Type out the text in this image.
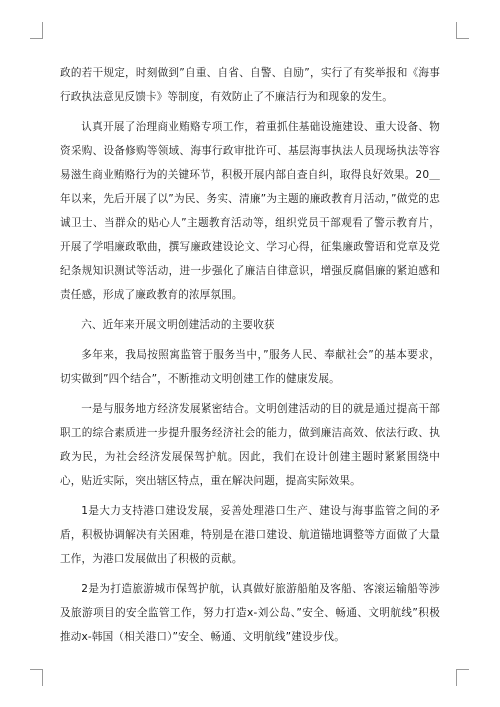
政的若干规定，时刻做到”自重、自省、自警、自励”，实行了有奖举报和《海事行政执法意见反馈卡》等制度，有效防止了不廉洁行为和现象的发生。

认真开展了治理商业贿赂专项工作，着重抓住基础设施建设、重大设备、物资采购、设备修购等领域、海事行政审批许可、基层海事执法人员现场执法等容易滋生商业贿赂行为的关键环节，积极开展内部自查自纠，取得良好效果。20＿年以来，先后开展了以”为民、务实、清廉”为主题的廉政教育月活动，”做党的忠诚卫士、当群众的贴心人”主题教育活动等，组织党员干部观看了警示教育片，开展了学唱廉政歌曲，撰写廉政建设论文、学习心得，征集廉政警语和党章及党纪条规知识测试等活动，进一步强化了廉洁自律意识，增强反腐倡廉的紧迫感和责任感，形成了廉政教育的浓厚氛围。

六、近年来开展文明创建活动的主要收获

多年来，我局按照寓监管于服务当中，”服务人民、奉献社会”的基本要求，切实做到”四个结合”，不断推动文明创建工作的健康发展。

一是与服务地方经济发展紧密结合。文明创建活动的目的就是通过提高干部职工的综合素质进一步提升服务经济社会的能力，做到廉洁高效、依法行政、执政为民，为社会经济发展保驾护航。因此，我们在设计创建主题时紧紧围绕中心，贴近实际，突出辖区特点，重在解决问题，提高实际效果。

1是大力支持港口建设发展，妥善处理港口生产、建设与海事监管之间的矛盾，积极协调解决有关困难，特别是在港口建设、航道锚地调整等方面做了大量工作，为港口发展做出了积极的贡献。

2是为打造旅游城市保驾护航，认真做好旅游船舶及客船、客滚运输船等涉及旅游项目的安全监管工作，努力打造x-刘公岛、”安全、畅通、文明航线”积极推动x-韩国（相关港口）”安全、畅通、文明航线”建设步伐。
